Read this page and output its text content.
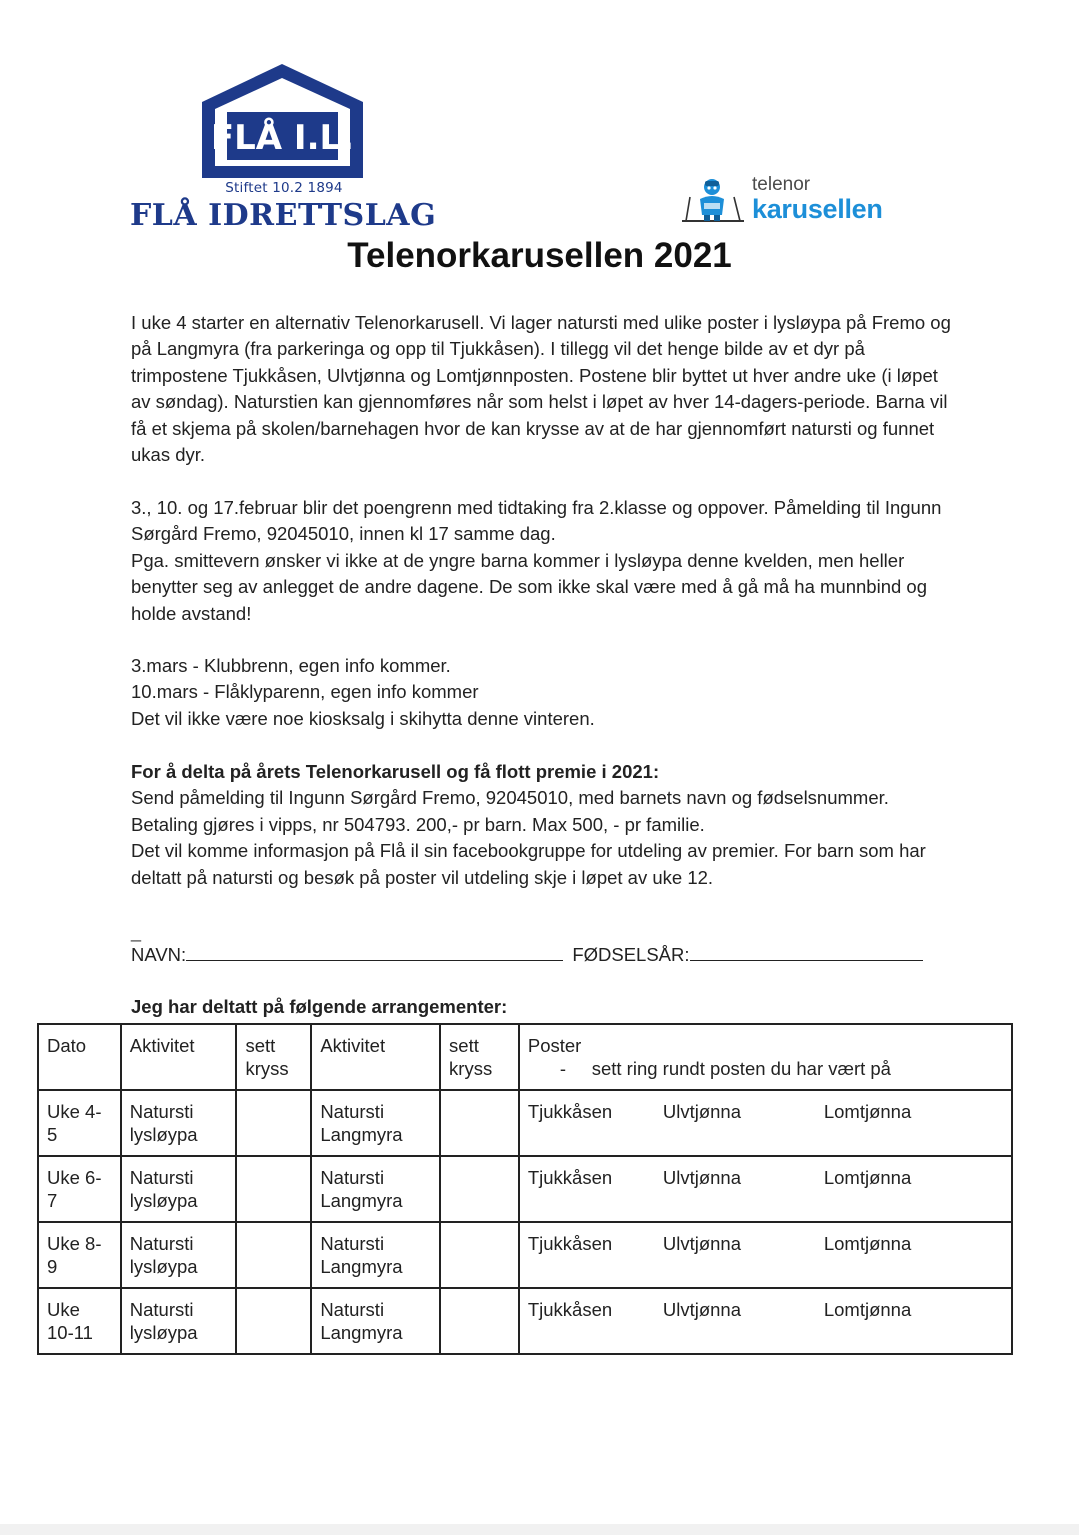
FLÅ I.L.
Stiftet 10.2 1894
FLÅ IDRETTSLAG
telenor
karusellen
Telenorkarusellen 2021

I uke 4 starter en alternativ Telenorkarusell. Vi lager natursti med ulike poster i lysløypa på Fremo og på Langmyra (fra parkeringa og opp til Tjukkåsen). I tillegg vil det henge bilde av et dyr på trimpostene Tjukkåsen, Ulvtjønna og Lomtjønnposten. Postene blir byttet ut hver andre uke (i løpet av søndag). Naturstien kan gjennomføres når som helst i løpet av hver 14-dagers-periode. Barna vil få et skjema på skolen/barnehagen hvor de kan krysse av at de har gjennomført natursti og funnet ukas dyr.

3., 10. og 17.februar blir det poengrenn med tidtaking fra 2.klasse og oppover. Påmelding til Ingunn Sørgård Fremo, 92045010, innen kl 17 samme dag.

Pga. smittevern ønsker vi ikke at de yngre barna kommer i lysløypa denne kvelden, men heller benytter seg av anlegget de andre dagene. De som ikke skal være med å gå må ha munnbind og holde avstand!

3.mars - Klubbrenn, egen info kommer.

10.mars - Flåklyparenn, egen info kommer

Det vil ikke være noe kiosksalg i skihytta denne vinteren.

For å delta på årets Telenorkarusell og få flott premie i 2021:

Send påmelding til Ingunn Sørgård Fremo, 92045010, med barnets navn og fødselsnummer.

Betaling gjøres i vipps, nr 504793. 200,- pr barn. Max 500, - pr familie.

Det vil komme informasjon på Flå il sin facebookgruppe for utdeling av premier. For barn som har deltatt på natursti og besøk på poster vil utdeling skje i løpet av uke 12.

_
NAVN:	FØDSELSÅR:
Jeg har deltatt på følgende arrangementer:
Dato	Aktivitet	sett kryss	Aktivitet	sett kryss	Poster
-     sett ring rundt posten du har vært på

Uke 4-5	Natursti lysløypa		Natursti Langmyra		Tjukkåsen Ulvtjønna Lomtjønna

Uke 6-7	Natursti  lysløypa		Natursti Langmyra		Tjukkåsen Ulvtjønna Lomtjønna

Uke 8-9	Natursti lysløypa		Natursti Langmyra		Tjukkåsen Ulvtjønna Lomtjønna

Uke 10-11	Natursti lysløypa		Natursti Langmyra		Tjukkåsen Ulvtjønna Lomtjønna
